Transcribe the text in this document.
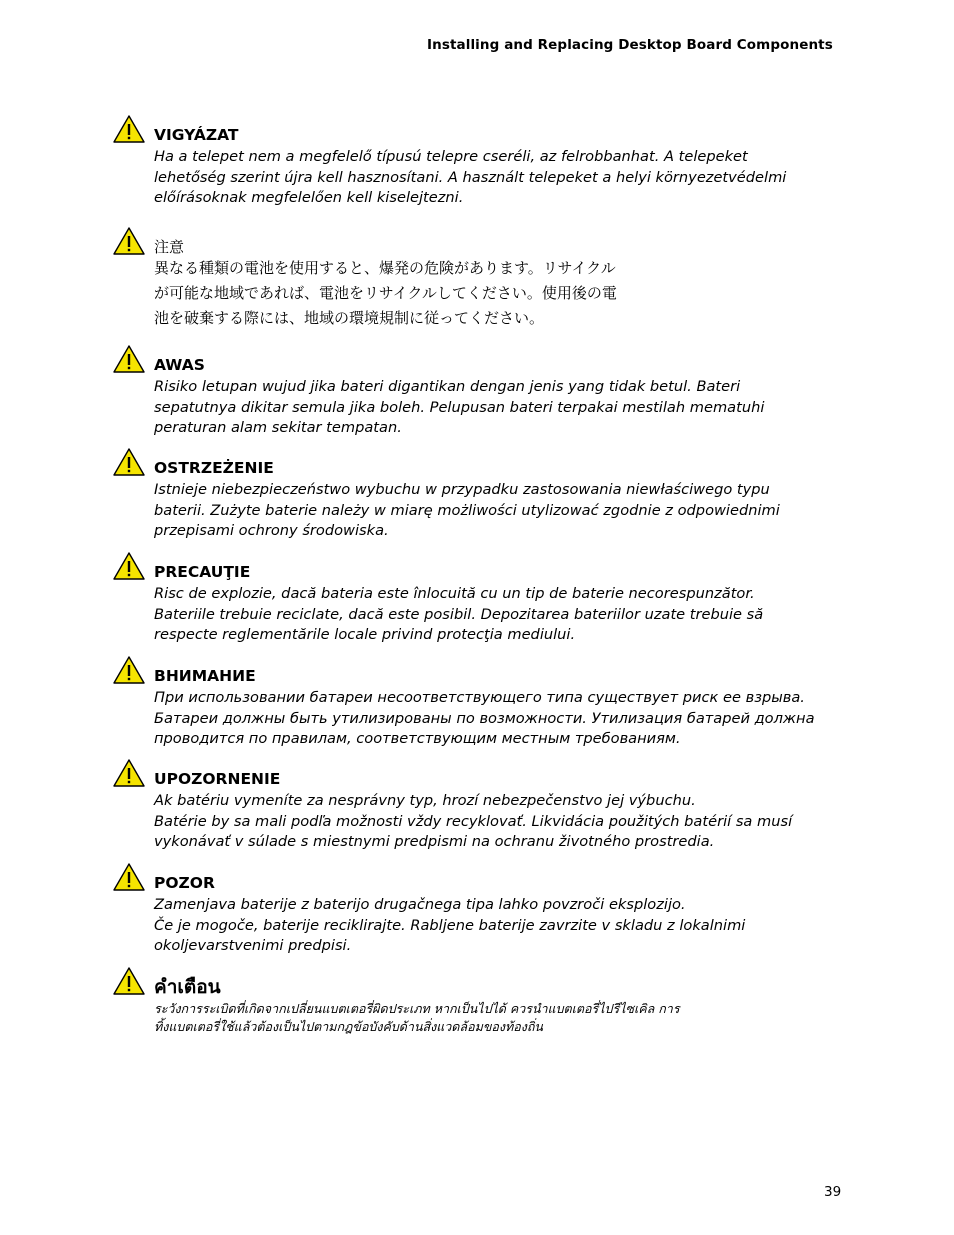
Installing and Replacing Desktop Board Components
VIGYÁZAT

Ha a telepet nem a megfelelő típusú telepre cseréli, az felrobbanhat. A telepeket

lehetőség szerint újra kell hasznosítani. A használt telepeket a helyi környezetvédelmi

előírásoknak megfelelően kell kiselejtezni.

注意

異なる種類の電池を使用すると、爆発の危険があります。リサイクル

が可能な地域であれば、電池をリサイクルしてください。使用後の電

池を破棄する際には、地域の環境規制に従ってください。

AWAS

Risiko letupan wujud jika bateri digantikan dengan jenis yang tidak betul. Bateri

sepatutnya dikitar semula jika boleh. Pelupusan bateri terpakai mestilah mematuhi

peraturan alam sekitar tempatan.

OSTRZEŻENIE

Istnieje niebezpieczeństwo wybuchu w przypadku zastosowania niewłaściwego typu

baterii. Zużyte baterie należy w miarę możliwości utylizować zgodnie z odpowiednimi

przepisami ochrony środowiska.

PRECAUŢIE

Risc de explozie, dacă bateria este înlocuită cu un tip de baterie necorespunzător.

Bateriile trebuie reciclate, dacă este posibil. Depozitarea bateriilor uzate trebuie să

respecte reglementările locale privind protecţia mediului.

ВНИМАНИЕ

При использовании батареи несоответствующего типа существует риск ее взрыва.

Батареи должны быть утилизированы по возможности. Утилизация батарей должна

проводится по правилам, соответствующим местным требованиям.

UPOZORNENIE

Ak batériu vymeníte za nesprávny typ, hrozí nebezpečenstvo jej výbuchu.

Batérie by sa mali podľa možnosti vždy recyklovať. Likvidácia použitých batérií sa musí

vykonávať v súlade s miestnymi predpismi na ochranu životného prostredia.

POZOR

Zamenjava baterije z baterijo drugačnega tipa lahko povzroči eksplozijo.

Če je mogoče, baterije reciklirajte. Rabljene baterije zavrzite v skladu z lokalnimi

okoljevarstvenimi predpisi.

คำเตือน

ระวังการระเบิดที่เกิดจากเปลี่ยนแบตเตอรี่ผิดประเภท หากเป็นไปได้ ควรนำแบตเตอรี่ไปรีไซเคิล การ

ทิ้งแบตเตอรี่ใช้แล้วต้องเป็นไปตามกฎข้อบังคับด้านสิ่งแวดล้อมของท้องถิ่น

39
